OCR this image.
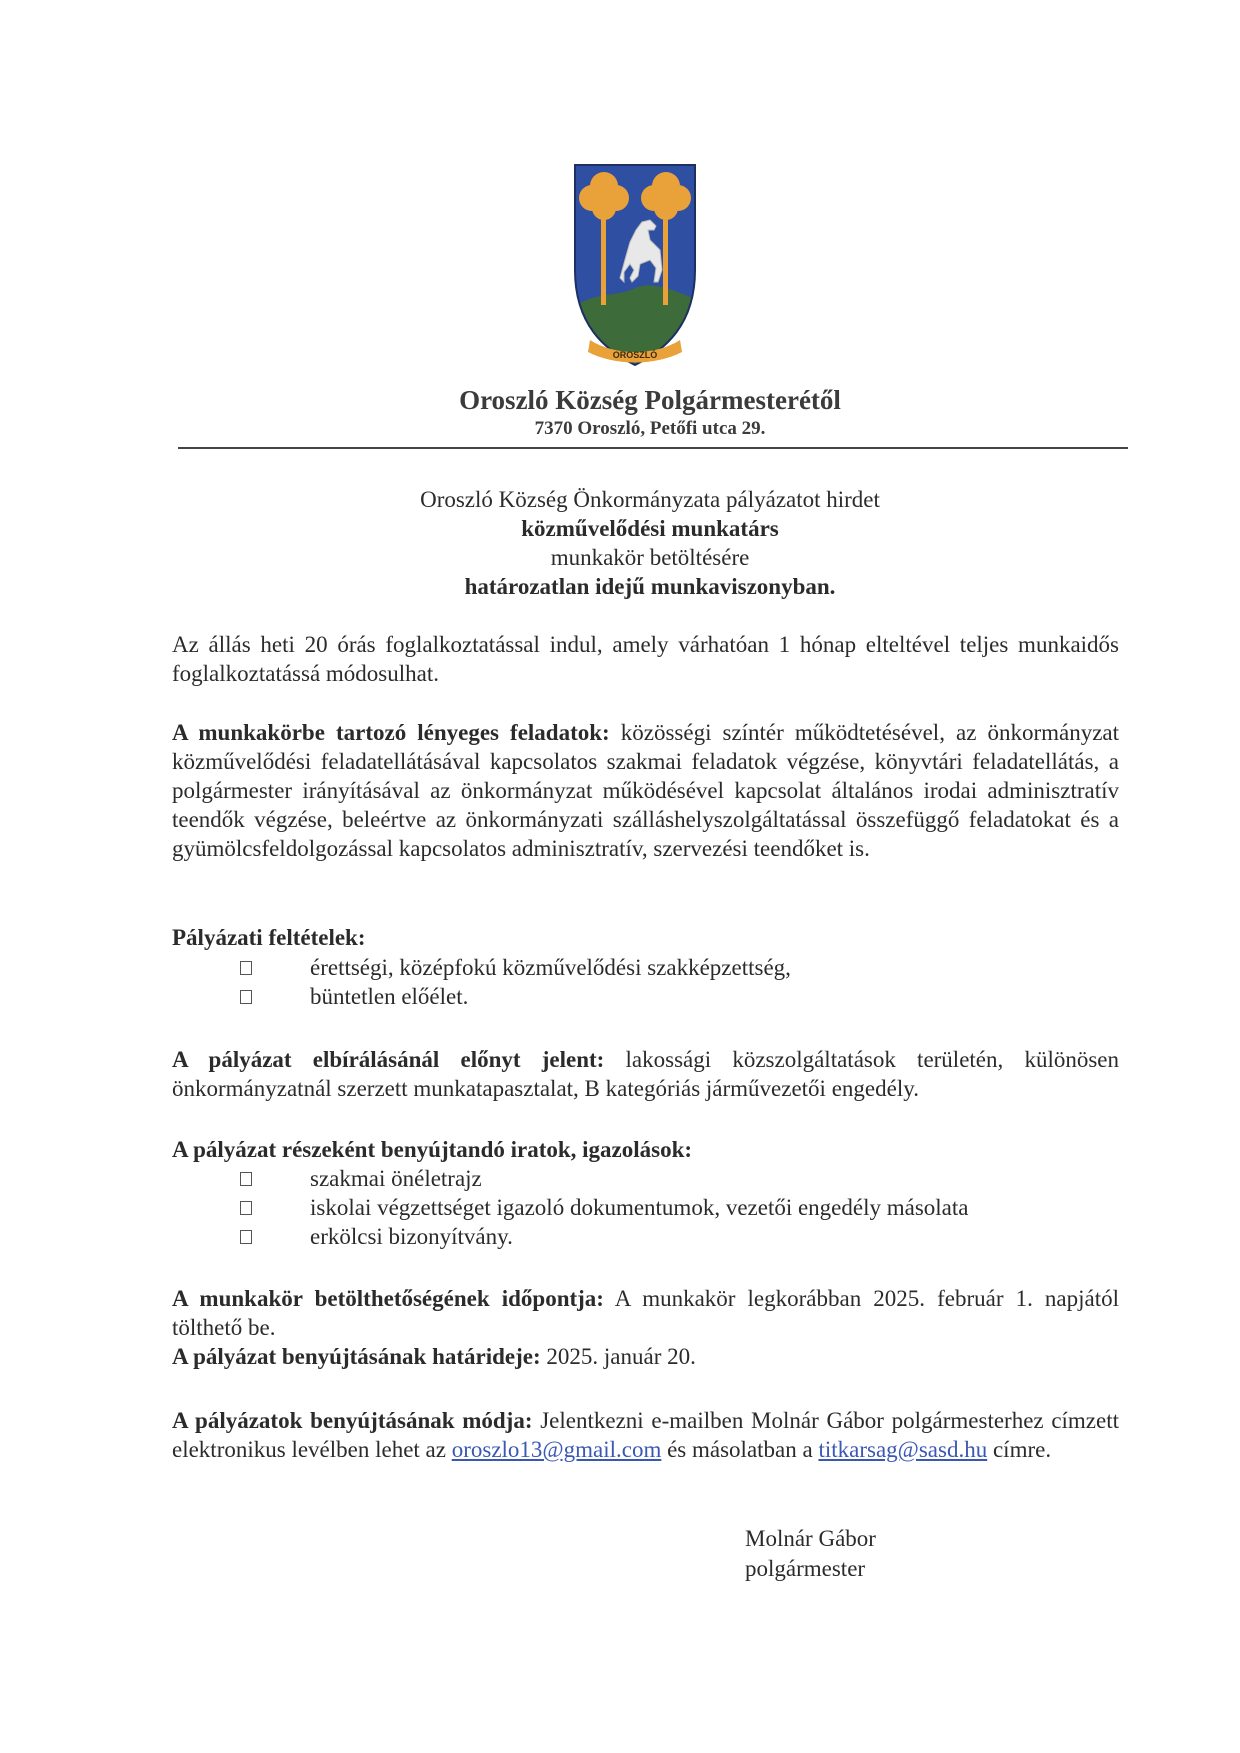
OROSZLÓ
Oroszló Község Polgármesterétől
7370 Oroszló, Petőfi utca 29.
Oroszló Község Önkormányzata pályázatot hirdet
közművelődési munkatárs
munkakör betöltésére
határozatlan idejű munkaviszonyban.
Az állás heti 20 órás foglalkoztatással indul, amely várhatóan 1 hónap elteltével teljes munkaidős foglalkoztatássá módosulhat.
A munkakörbe tartozó lényeges feladatok: közösségi színtér működtetésével, az önkormányzat közművelődési feladatellátásával kapcsolatos szakmai feladatok végzése, könyvtári feladatellátás, a polgármester irányításával az önkormányzat működésével kapcsolat általános irodai adminisztratív teendők végzése, beleértve az önkormányzati szálláshelyszolgáltatással összefüggő feladatokat és a gyümölcsfeldolgozással kapcsolatos adminisztratív, szervezési teendőket is.
Pályázati feltételek:
érettségi, középfokú közművelődési szakképzettség,
büntetlen előélet.
A pályázat elbírálásánál előnyt jelent: lakossági közszolgáltatások területén, különösen önkormányzatnál szerzett munkatapasztalat, B kategóriás járművezetői engedély.
A pályázat részeként benyújtandó iratok, igazolások:
szakmai önéletrajz
iskolai végzettséget igazoló dokumentumok, vezetői engedély másolata
erkölcsi bizonyítvány.
A munkakör betölthetőségének időpontja: A munkakör legkorábban 2025. február 1. napjától tölthető be.
A pályázat benyújtásának határideje: 2025. január 20.
A pályázatok benyújtásának módja: Jelentkezni e-mailben Molnár Gábor polgármesterhez címzett elektronikus levélben lehet az oroszlo13@gmail.com és másolatban a titkarsag@sasd.hu címre.
Molnár Gábor
polgármester
